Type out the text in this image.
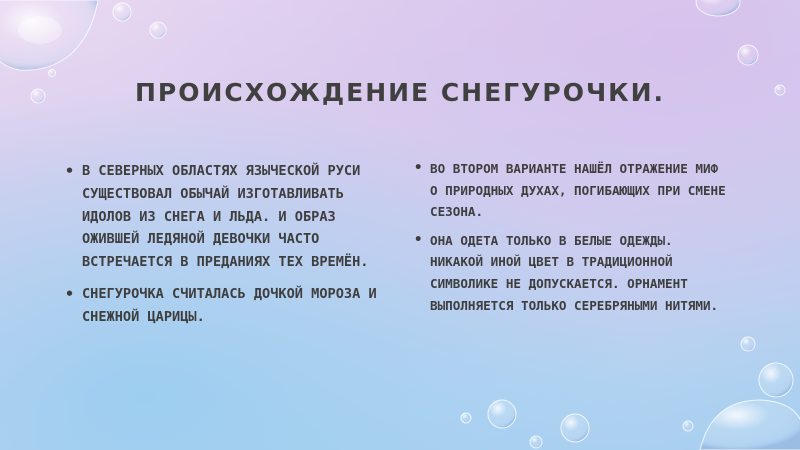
ПРОИСХОЖДЕНИЕ СНЕГУРОЧКИ.
• В СЕВЕРНЫХ ОБЛАСТЯХ ЯЗЫЧЕСКОЙ РУСИ СУЩЕСТВОВАЛ ОБЫЧАЙ ИЗГОТАВЛИВАТЬ ИДОЛОВ ИЗ СНЕГА И ЛЬДА. И ОБРАЗ ОЖИВШЕЙ ЛЕДЯНОЙ ДЕВОЧКИ ЧАСТО ВСТРЕЧАЕТСЯ В ПРЕДАНИЯХ ТЕХ ВРЕМЁН.
• СНЕГУРОЧКА СЧИТАЛАСЬ ДОЧКОЙ МОРОЗА И СНЕЖНОЙ ЦАРИЦЫ.
• ВО ВТОРОМ ВАРИАНТЕ НАШЁЛ ОТРАЖЕНИЕ МИФ О ПРИРОДНЫХ ДУХАХ, ПОГИБАЮЩИХ ПРИ СМЕНЕ СЕЗОНА.
• ОНА ОДЕТА ТОЛЬКО В БЕЛЫЕ ОДЕЖДЫ. НИКАКОЙ ИНОЙ ЦВЕТ В ТРАДИЦИОННОЙ СИМВОЛИКЕ НЕ ДОПУСКАЕТСЯ. ОРНАМЕНТ ВЫПОЛНЯЕТСЯ ТОЛЬКО СЕРЕБРЯНЫМИ НИТЯМИ.
